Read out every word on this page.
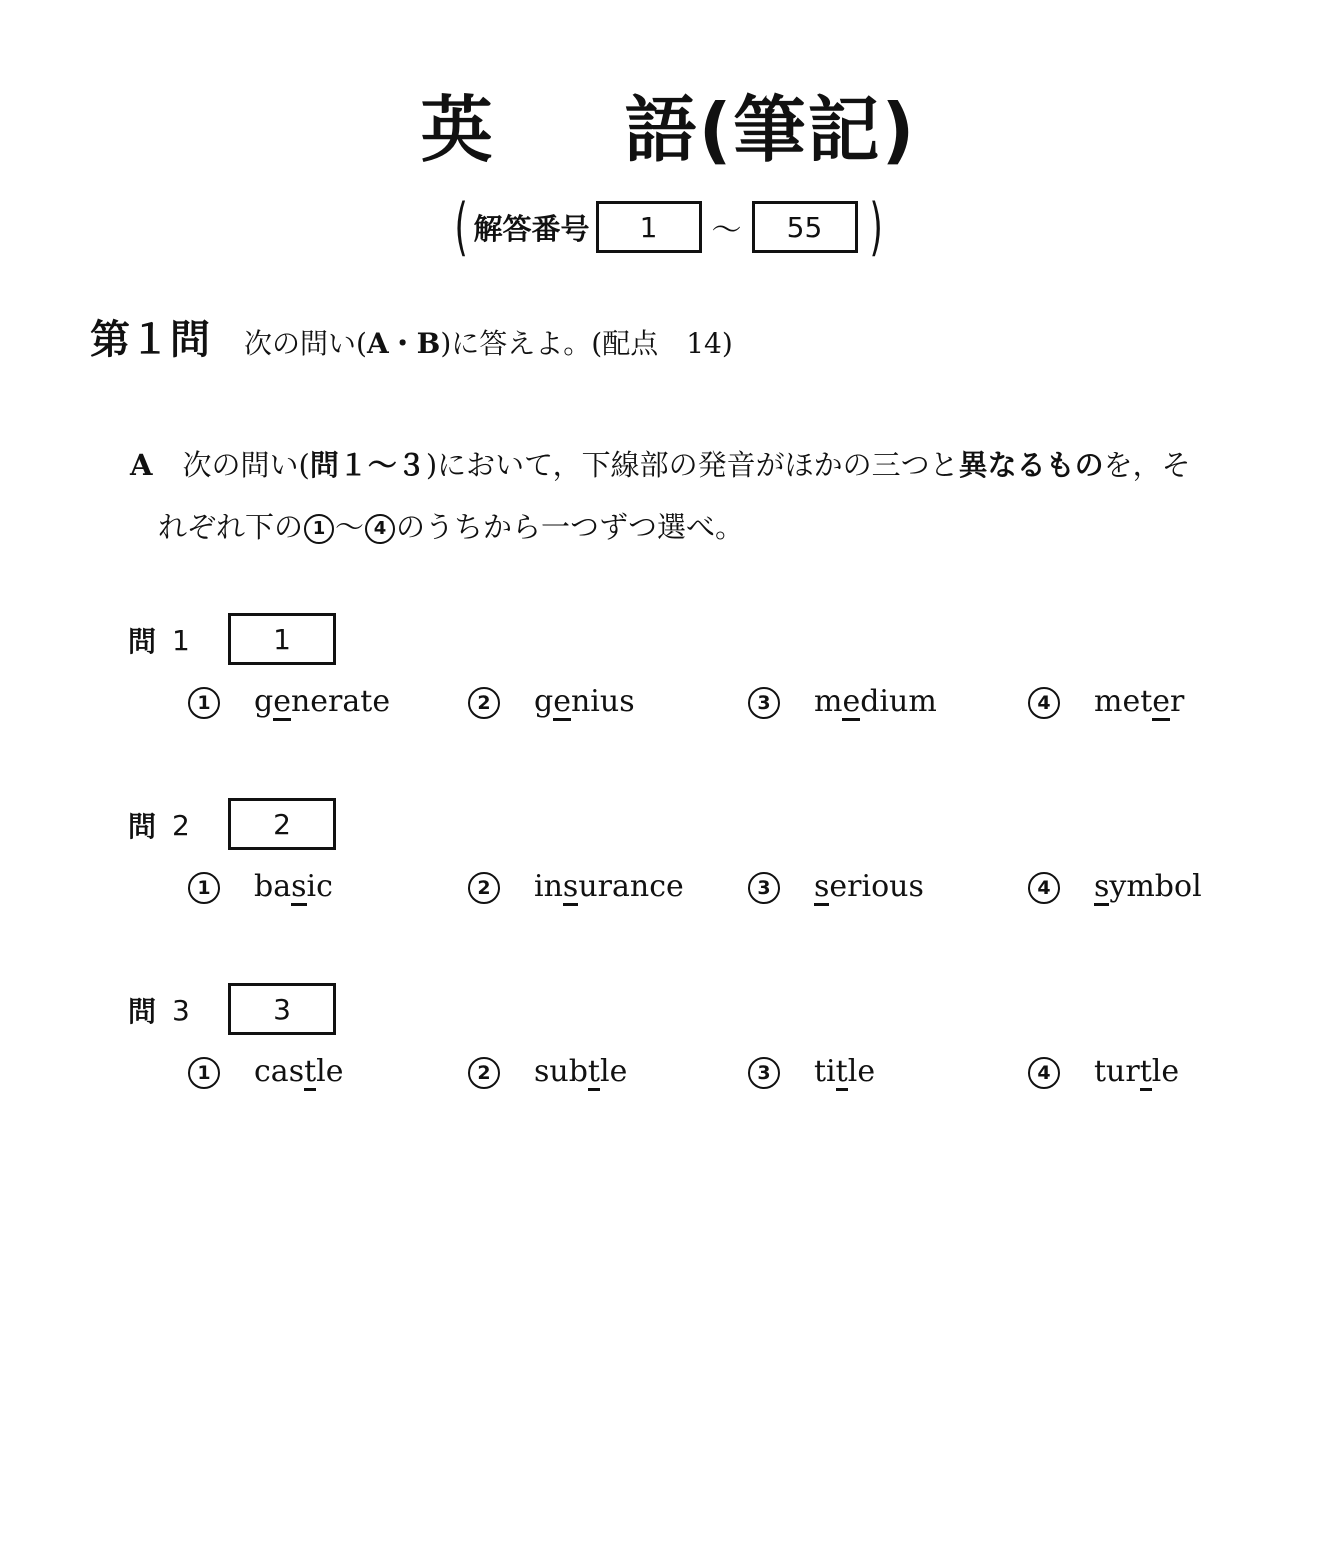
英 語(筆記)
( 解答番号	1	～	55 )
第１問 次の問い(A・B)に答えよ。(配点　14)
A 次の問い(問１～３)において，下線部の発音がほかの三つと異なるものを，そ
れぞれ下の 1 ～ 4 のうちから一つずつ選べ。
問 1	1
1	generate	2	genius	3	medium	4	meter
問 2	2
1	basic	2	insurance	3	serious	4	symbol
問 3	3
1	castle	2	subtle	3	title	4	turtle
